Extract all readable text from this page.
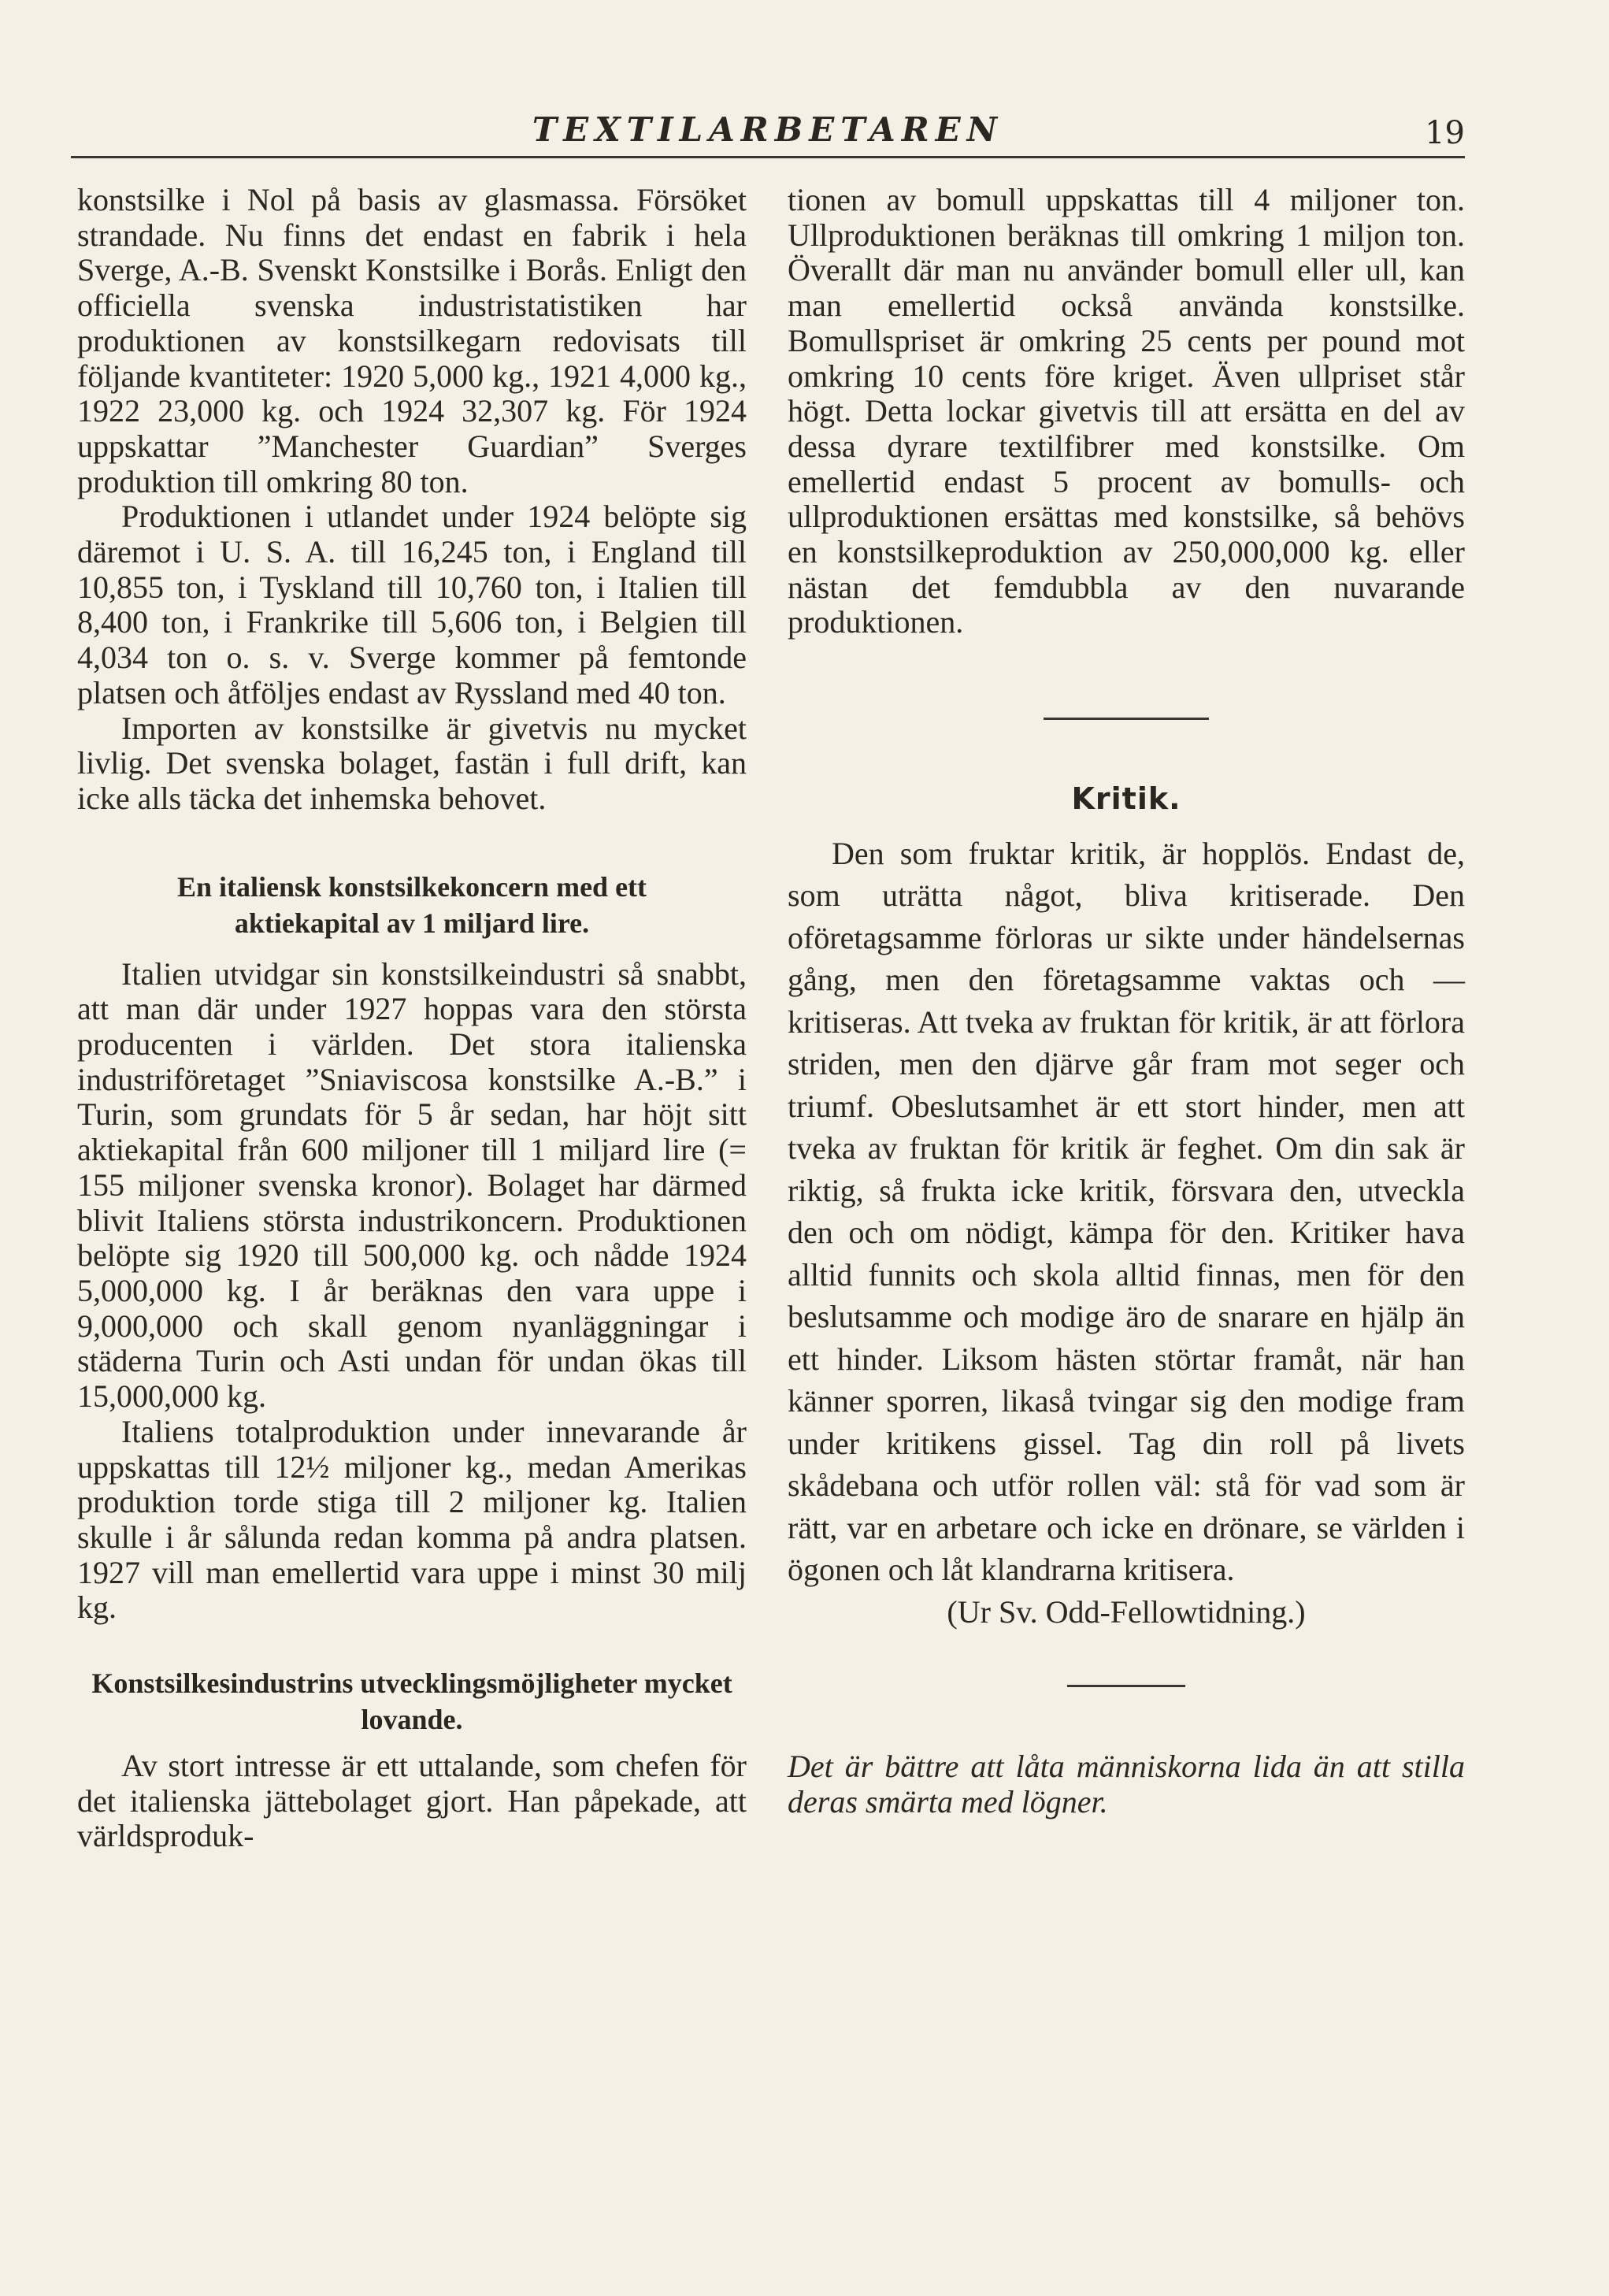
TEXTILARBETAREN	19

konstsilke i Nol på basis av glasmassa. Försöket strandade. Nu finns det endast en fabrik i hela Sverge, A.-B. Svenskt Konstsilke i Borås. Enligt den officiella svenska industristatistiken har produktionen av konstsilkegarn redovisats till följande kvantiteter: 1920 5,000 kg., 1921 4,000 kg., 1922 23,000 kg. och 1924 32,307 kg. För 1924 uppskattar ”Manchester Guardian” Sverges produktion till omkring 80 ton.

Produktionen i utlandet under 1924 belöpte sig däremot i U. S. A. till 16,245 ton, i England till 10,855 ton, i Tyskland till 10,760 ton, i Italien till 8,400 ton, i Frankrike till 5,606 ton, i Belgien till 4,034 ton o. s. v. Sverge kommer på femtonde platsen och åtföljes endast av Ryssland med 40 ton.

Importen av konstsilke är givetvis nu mycket livlig. Det svenska bolaget, fastän i full drift, kan icke alls täcka det inhemska behovet.

En italiensk konstsilkekoncern med ett
aktiekapital av 1 miljard lire.

Italien utvidgar sin konstsilkeindustri så snabbt, att man där under 1927 hoppas vara den största producenten i världen. Det stora italienska industriföretaget ”Sniaviscosa konstsilke A.-B.” i Turin, som grundats för 5 år sedan, har höjt sitt aktiekapital från 600 miljoner till 1 miljard lire (= 155 miljoner svenska kronor). Bolaget har därmed blivit Italiens största industrikoncern. Produktionen belöpte sig 1920 till 500,000 kg. och nådde 1924 5,000,000 kg. I år beräknas den vara uppe i 9,000,000 och skall genom nyanläggningar i städerna Turin och Asti undan för undan ökas till 15,000,000 kg.

Italiens totalproduktion under innevarande år uppskattas till 12½ miljoner kg., medan Amerikas produktion torde stiga till 2 miljoner kg. Italien skulle i år sålunda redan komma på andra platsen. 1927 vill man emellertid vara uppe i minst 30 milj kg.

Konstsilkesindustrins utvecklingsmöjligheter mycket lovande.

Av stort intresse är ett uttalande, som chefen för det italienska jättebolaget gjort. Han påpekade, att världsproduk-

tionen av bomull uppskattas till 4 miljoner ton. Ullproduktionen beräknas till omkring 1 miljon ton. Överallt där man nu använder bomull eller ull, kan man emellertid också använda konstsilke. Bomullspriset är omkring 25 cents per pound mot omkring 10 cents före kriget. Även ullpriset står högt. Detta lockar givetvis till att ersätta en del av dessa dyrare textilfibrer med konstsilke. Om emellertid endast 5 procent av bomulls- och ullproduktionen ersättas med konstsilke, så behövs en konstsilkeproduktion av 250,000,000 kg. eller nästan det femdubbla av den nuvarande produktionen.

Kritik.

Den som fruktar kritik, är hopplös. Endast de, som uträtta något, bliva kritiserade. Den oföretagsamme förloras ur sikte under händelsernas gång, men den företagsamme vaktas och — kritiseras. Att tveka av fruktan för kritik, är att förlora striden, men den djärve går fram mot seger och triumf. Obeslutsamhet är ett stort hinder, men att tveka av fruktan för kritik är feghet. Om din sak är riktig, så frukta icke kritik, försvara den, utveckla den och om nödigt, kämpa för den. Kritiker hava alltid funnits och skola alltid finnas, men för den beslutsamme och modige äro de snarare en hjälp än ett hinder. Liksom hästen störtar framåt, när han känner sporren, likaså tvingar sig den modige fram under kritikens gissel. Tag din roll på livets skådebana och utför rollen väl: stå för vad som är rätt, var en arbetare och icke en drönare, se världen i ögonen och låt klandrarna kritisera.

(Ur Sv. Odd-Fellowtidning.)

Det är bättre att låta människorna lida än att stilla deras smärta med lögner.
